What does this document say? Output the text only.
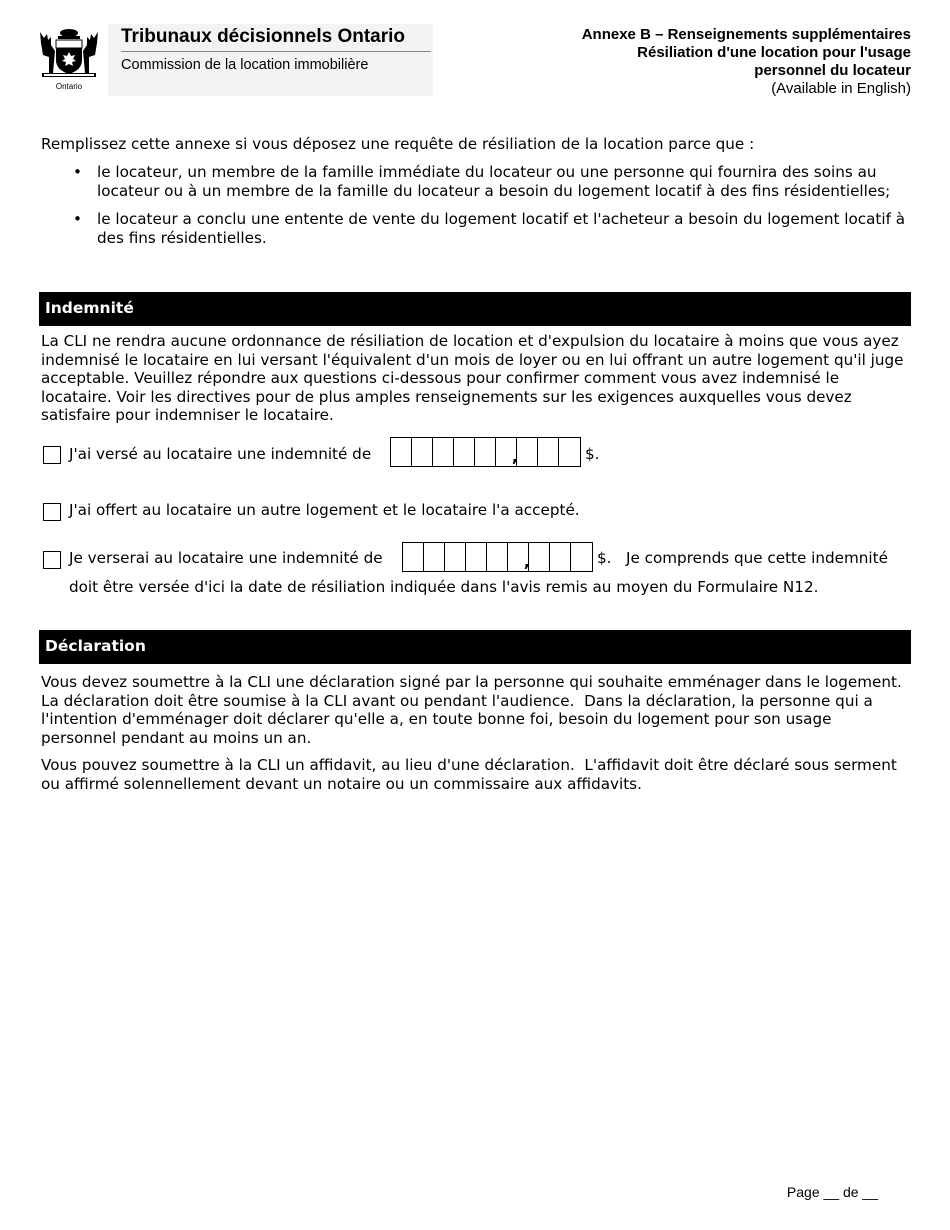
Ontario
Tribunaux décisionnels Ontario
Commission de la location immobilière
Annexe B – Renseignements supplémentaires
Résiliation d'une location pour l'usage
personnel du locateur
(Available in English)
Remplissez cette annexe si vous déposez une requête de résiliation de la location parce que :
• le locateur, un membre de la famille immédiate du locateur ou une personne qui fournira des soins au locateur ou à un membre de la famille du locateur a besoin du logement locatif à des fins résidentielles;
• le locateur a conclu une entente de vente du logement locatif et l'acheteur a besoin du logement locatif à des fins résidentielles.
Indemnité
La CLI ne rendra aucune ordonnance de résiliation de location et d'expulsion du locataire à moins que vous ayez indemnisé le locataire en lui versant l'équivalent d'un mois de loyer ou en lui offrant un autre logement qu'il juge acceptable. Veuillez répondre aux questions ci-dessous pour confirmer comment vous avez indemnisé le locataire. Voir les directives pour de plus amples renseignements sur les exigences auxquelles vous devez satisfaire pour indemniser le locataire.
J'ai versé au locataire une indemnité de	,	$.
J'ai offert au locataire un autre logement et le locataire l'a accepté.
Je verserai au locataire une indemnité de	,	$.   Je comprends que cette indemnité
doit être versée d'ici la date de résiliation indiquée dans l'avis remis au moyen du Formulaire N12.
Déclaration
Vous devez soumettre à la CLI une déclaration signé par la personne qui souhaite emménager dans le logement.  La déclaration doit être soumise à la CLI avant ou pendant l'audience.  Dans la déclaration, la personne qui a l'intention d'emménager doit déclarer qu'elle a, en toute bonne foi, besoin du logement pour son usage personnel pendant au moins un an.
Vous pouvez soumettre à la CLI un affidavit, au lieu d'une déclaration.  L'affidavit doit être déclaré sous serment ou affirmé solennellement devant un notaire ou un commissaire aux affidavits.
Page __ de __
